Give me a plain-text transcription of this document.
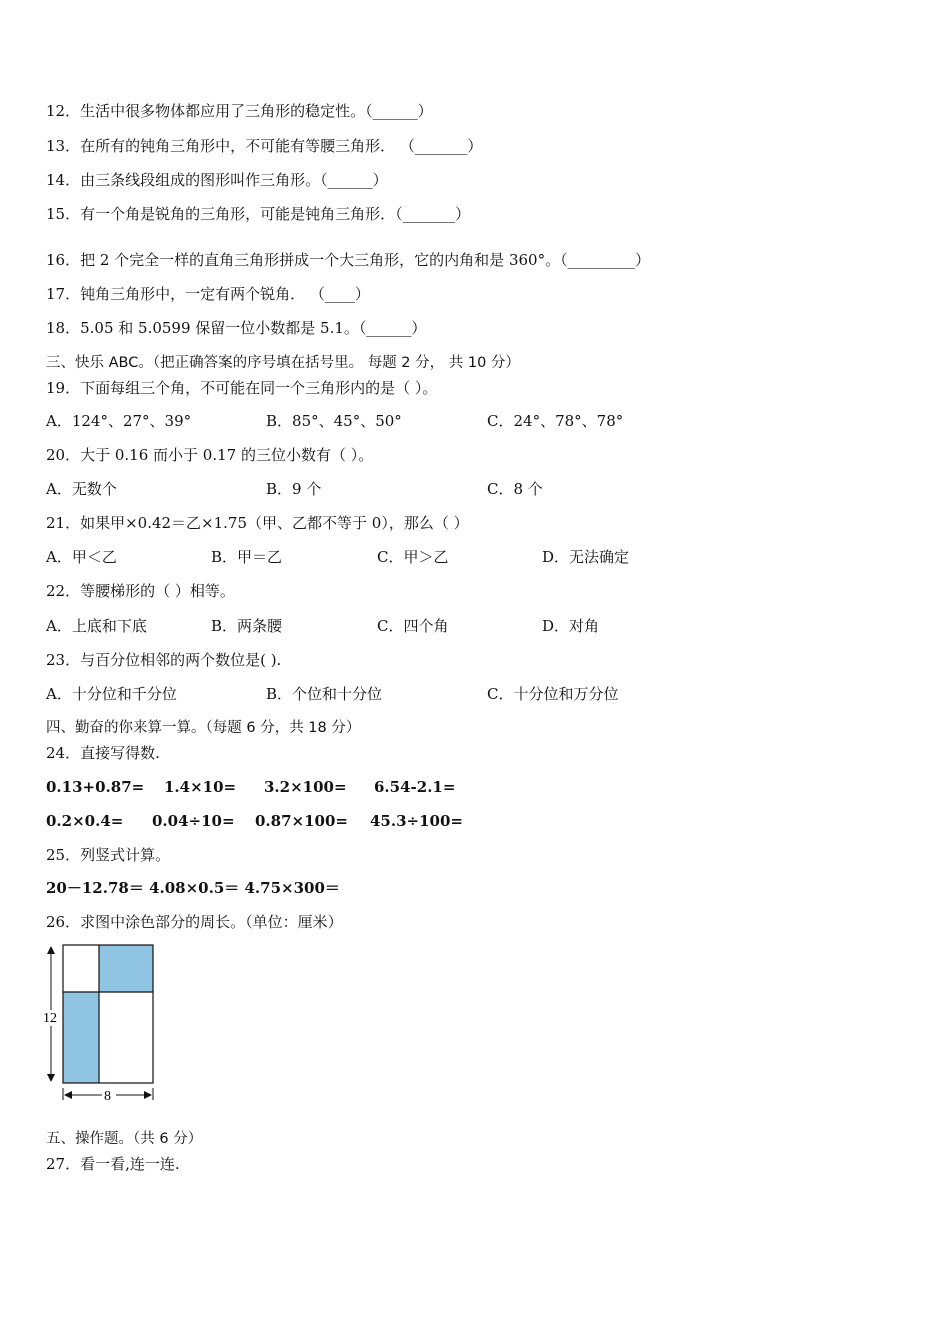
12．生活中很多物体都应用了三角形的稳定性。（______）
13．在所有的钝角三角形中，不可能有等腰三角形． （_______）
14．由三条线段组成的图形叫作三角形。（______）
15．有一个角是锐角的三角形，可能是钝角三角形．（_______）
16．把 2 个完全一样的直角三角形拼成一个大三角形，它的内角和是 360°。（_________）
17．钝角三角形中，一定有两个锐角． （____）
18．5.05 和 5.0599 保留一位小数都是 5.1。（______）
三、快乐 ABC。（把正确答案的序号填在括号里。 每题 2 分， 共 10 分）
19．下面每组三个角，不可能在同一个三角形内的是（ ）。
A．124°、27°、39°	B．85°、45°、50°	C．24°、78°、78°
20．大于 0.16 而小于 0.17 的三位小数有（ ）。
A．无数个	B．9 个	C．8 个
21．如果甲×0.42＝乙×1.75（甲、乙都不等于 0），那么（ ）
A．甲＜乙	B．甲＝乙	C．甲＞乙	D．无法确定
22．等腰梯形的（ ）相等。
A．上底和下底	B．两条腰	C．四个角	D．对角
23．与百分位相邻的两个数位是( ).
A．十分位和千分位	B．个位和十分位	C．十分位和万分位
四、勤奋的你来算一算。（每题 6 分，共 18 分）
24．直接写得数.
0.13+0.87= 1.4×10= 3.2×100= 6.54-2.1=
0.2×0.4= 0.04÷10= 0.87×100= 45.3÷100=
25．列竖式计算。
20－12.78＝ 4.08×0.5＝ 4.75×300＝
26．求图中涂色部分的周长。（单位：厘米）
12
8
五、操作题。（共 6 分）
27．看一看,连一连.
